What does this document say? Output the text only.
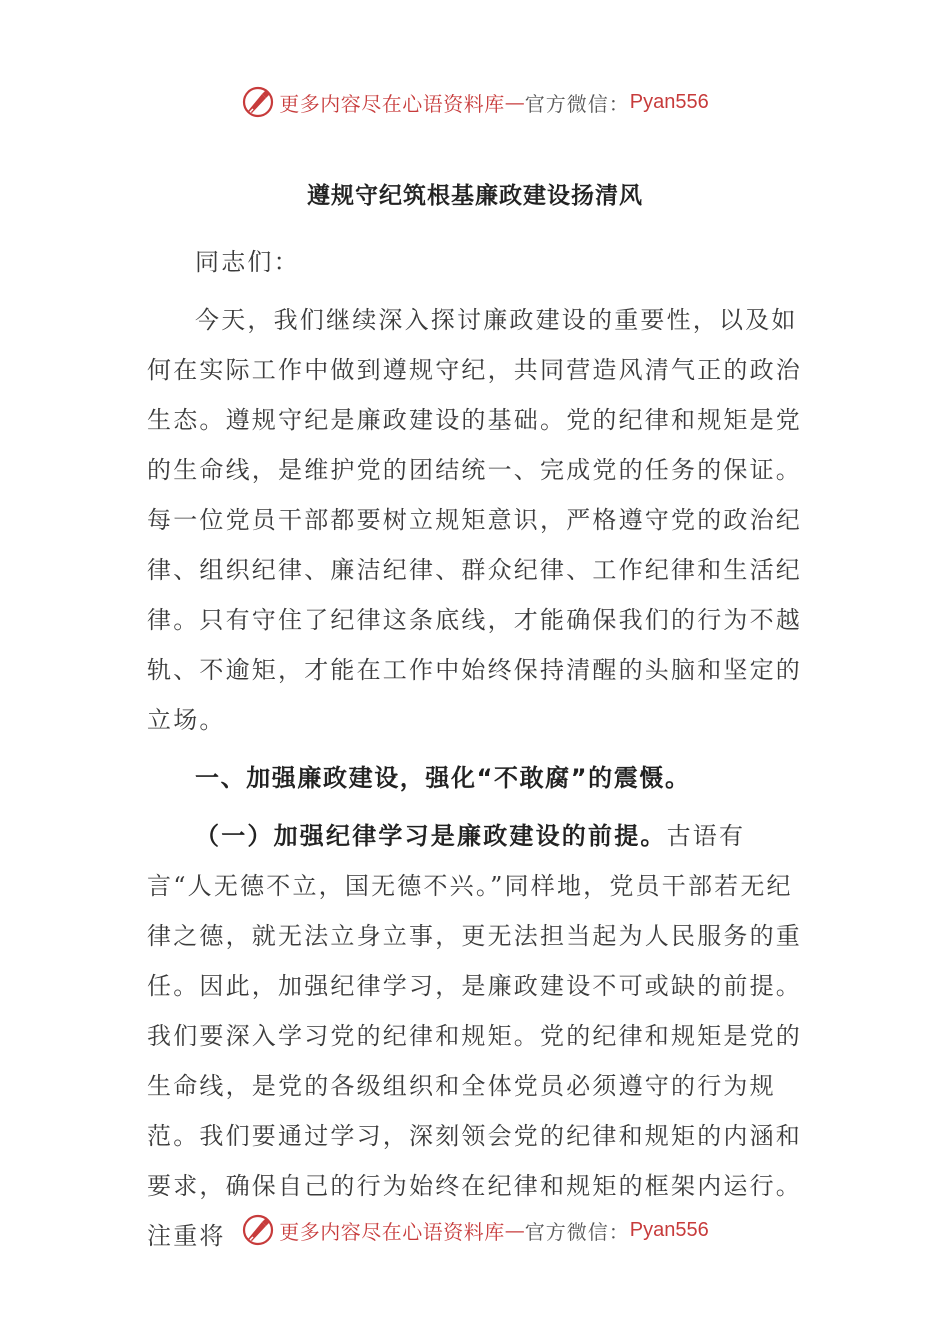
更多内容尽在心语资料库 — 官方微信： Pyan556
遵规守纪筑根基廉政建设扬清风

同志们：

今天，我们继续深入探讨廉政建设的重要性，以及如何在实际工作中做到遵规守纪，共同营造风清气正的政治生态。遵规守纪是廉政建设的基础。党的纪律和规矩是党的生命线，是维护党的团结统一、完成党的任务的保证。每一位党员干部都要树立规矩意识，严格遵守党的政治纪律、组织纪律、廉洁纪律、群众纪律、工作纪律和生活纪律。只有守住了纪律这条底线，才能确保我们的行为不越轨、不逾矩，才能在工作中始终保持清醒的头脑和坚定的立场。

一、加强廉政建设，强化“不敢腐”的震慑。

（一）加强纪律学习是廉政建设的前提。古语有言“人无德不立，国无德不兴。”同样地，党员干部若无纪律之德，就无法立身立事，更无法担当起为人民服务的重任。因此，加强纪律学习，是廉政建设不可或缺的前提。我们要深入学习党的纪律和规矩。党的纪律和规矩是党的生命线，是党的各级组织和全体党员必须遵守的行为规范。我们要通过学习，深刻领会党的纪律和规矩的内涵和要求，确保自己的行为始终在纪律和规矩的框架内运行。注重将	更多内容尽在心语资料库 — 官方微信： Pyan556
